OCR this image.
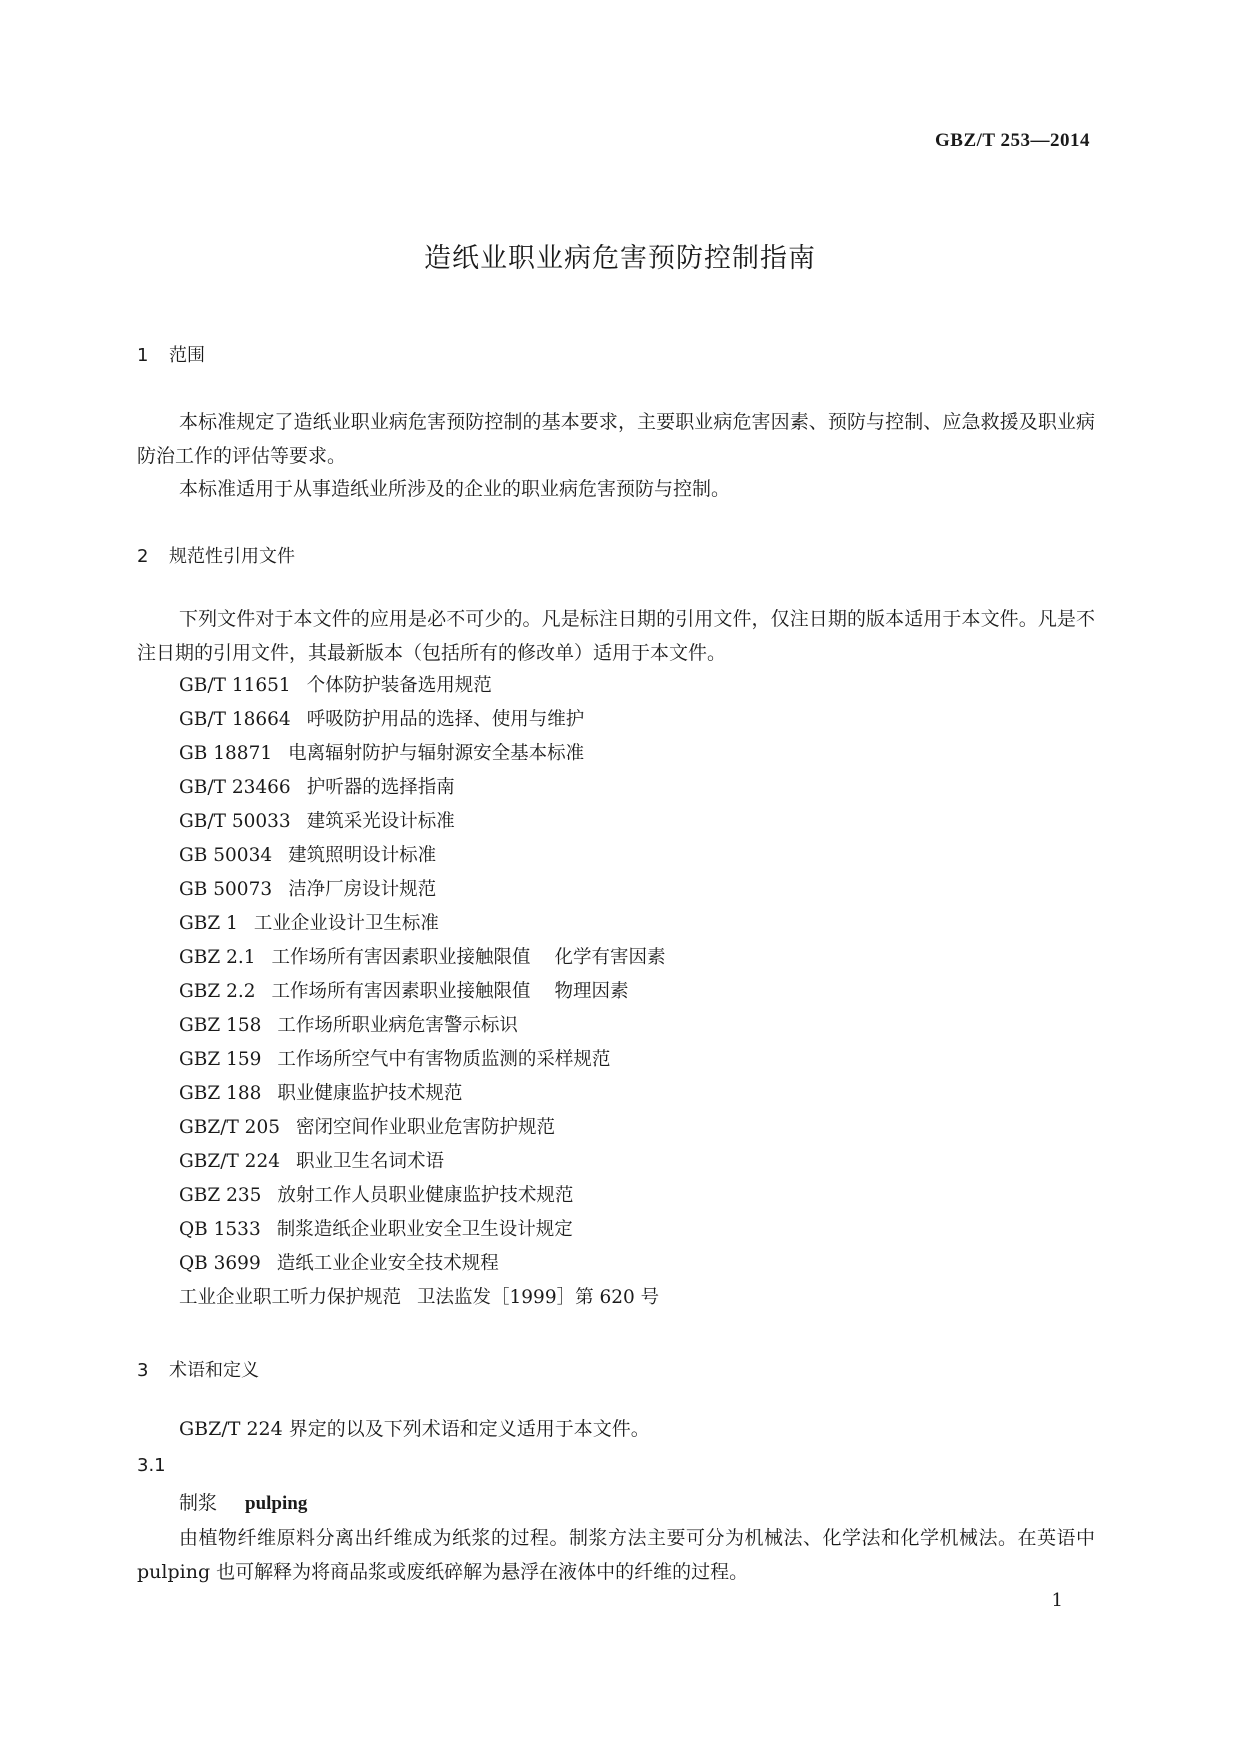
GBZ/T 253—2014
造纸业职业病危害预防控制指南
1 范围

本标准规定了造纸业职业病危害预防控制的基本要求，主要职业病危害因素、预防与控制、应急救援及职业病防治工作的评估等要求。

本标准适用于从事造纸业所涉及的企业的职业病危害预防与控制。

2 规范性引用文件

下列文件对于本文件的应用是必不可少的。凡是标注日期的引用文件，仅注日期的版本适用于本文件。凡是不注日期的引用文件，其最新版本（包括所有的修改单）适用于本文件。

GB/T 11651 个体防护装备选用规范
GB/T 18664 呼吸防护用品的选择、使用与维护
GB 18871 电离辐射防护与辐射源安全基本标准
GB/T 23466 护听器的选择指南
GB/T 50033 建筑采光设计标准
GB 50034 建筑照明设计标准
GB 50073 洁净厂房设计规范
GBZ 1 工业企业设计卫生标准
GBZ 2.1 工作场所有害因素职业接触限值 化学有害因素
GBZ 2.2 工作场所有害因素职业接触限值 物理因素
GBZ 158 工作场所职业病危害警示标识
GBZ 159 工作场所空气中有害物质监测的采样规范
GBZ 188 职业健康监护技术规范
GBZ/T 205 密闭空间作业职业危害防护规范
GBZ/T 224 职业卫生名词术语
GBZ 235 放射工作人员职业健康监护技术规范
QB 1533 制浆造纸企业职业安全卫生设计规定
QB 3699 造纸工业企业安全技术规程
工业企业职工听力保护规范 卫法监发［1999］第 620 号
3 术语和定义

GBZ/T 224 界定的以及下列术语和定义适用于本文件。

3.1
制浆 pulping

由植物纤维原料分离出纤维成为纸浆的过程。制浆方法主要可分为机械法、化学法和化学机械法。在英语中 pulping 也可解释为将商品浆或废纸碎解为悬浮在液体中的纤维的过程。

1
